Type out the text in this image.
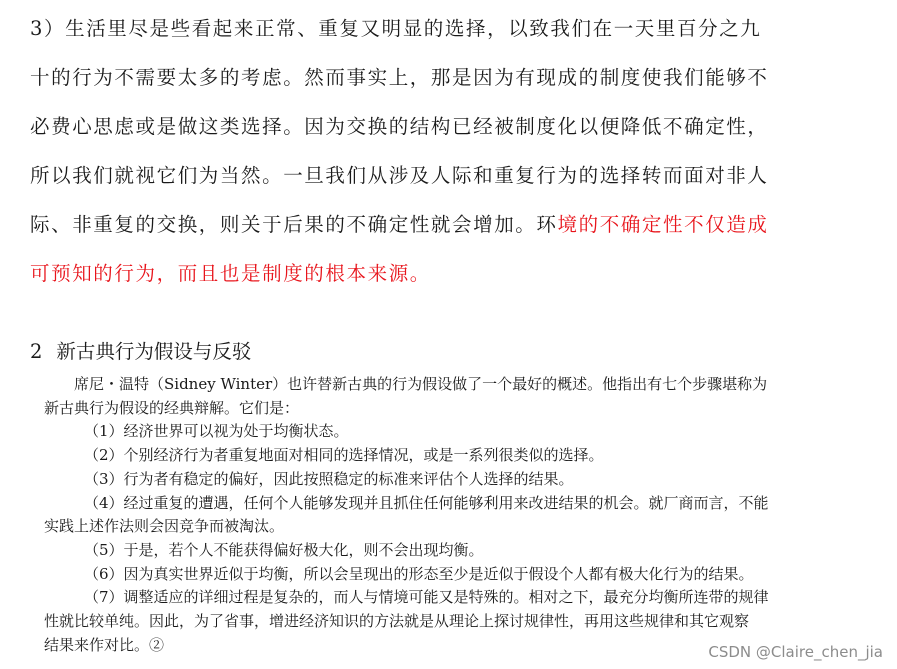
3）生活里尽是些看起来正常、重复又明显的选择，以致我们在一天里百分之九
十的行为不需要太多的考虑。然而事实上，那是因为有现成的制度使我们能够不
必费心思虑或是做这类选择。因为交换的结构已经被制度化以便降低不确定性，
所以我们就视它们为当然。一旦我们从涉及人际和重复行为的选择转而面对非人
际、非重复的交换，则关于后果的不确定性就会增加。环境的不确定性不仅造成
可预知的行为，而且也是制度的根本来源。
2 新古典行为假设与反驳
席尼・温特（Sidney Winter）也许替新古典的行为假设做了一个最好的概述。他指出有七个步骤堪称为
新古典行为假设的经典辩解。它们是：
（1）经济世界可以视为处于均衡状态。
（2）个别经济行为者重复地面对相同的选择情况，或是一系列很类似的选择。
（3）行为者有稳定的偏好，因此按照稳定的标准来评估个人选择的结果。
（4）经过重复的遭遇，任何个人能够发现并且抓住任何能够利用来改进结果的机会。就厂商而言，不能
实践上述作法则会因竞争而被淘汰。
（5）于是，若个人不能获得偏好极大化，则不会出现均衡。
（6）因为真实世界近似于均衡，所以会呈现出的形态至少是近似于假设个人都有极大化行为的结果。
（7）调整适应的详细过程是复杂的，而人与情境可能又是特殊的。相对之下，最充分均衡所连带的规律
性就比较单纯。因此，为了省事，增进经济知识的方法就是从理论上探讨规律性，再用这些规律和其它观察
结果来作对比。②	CSDN @Claire_chen_jia
